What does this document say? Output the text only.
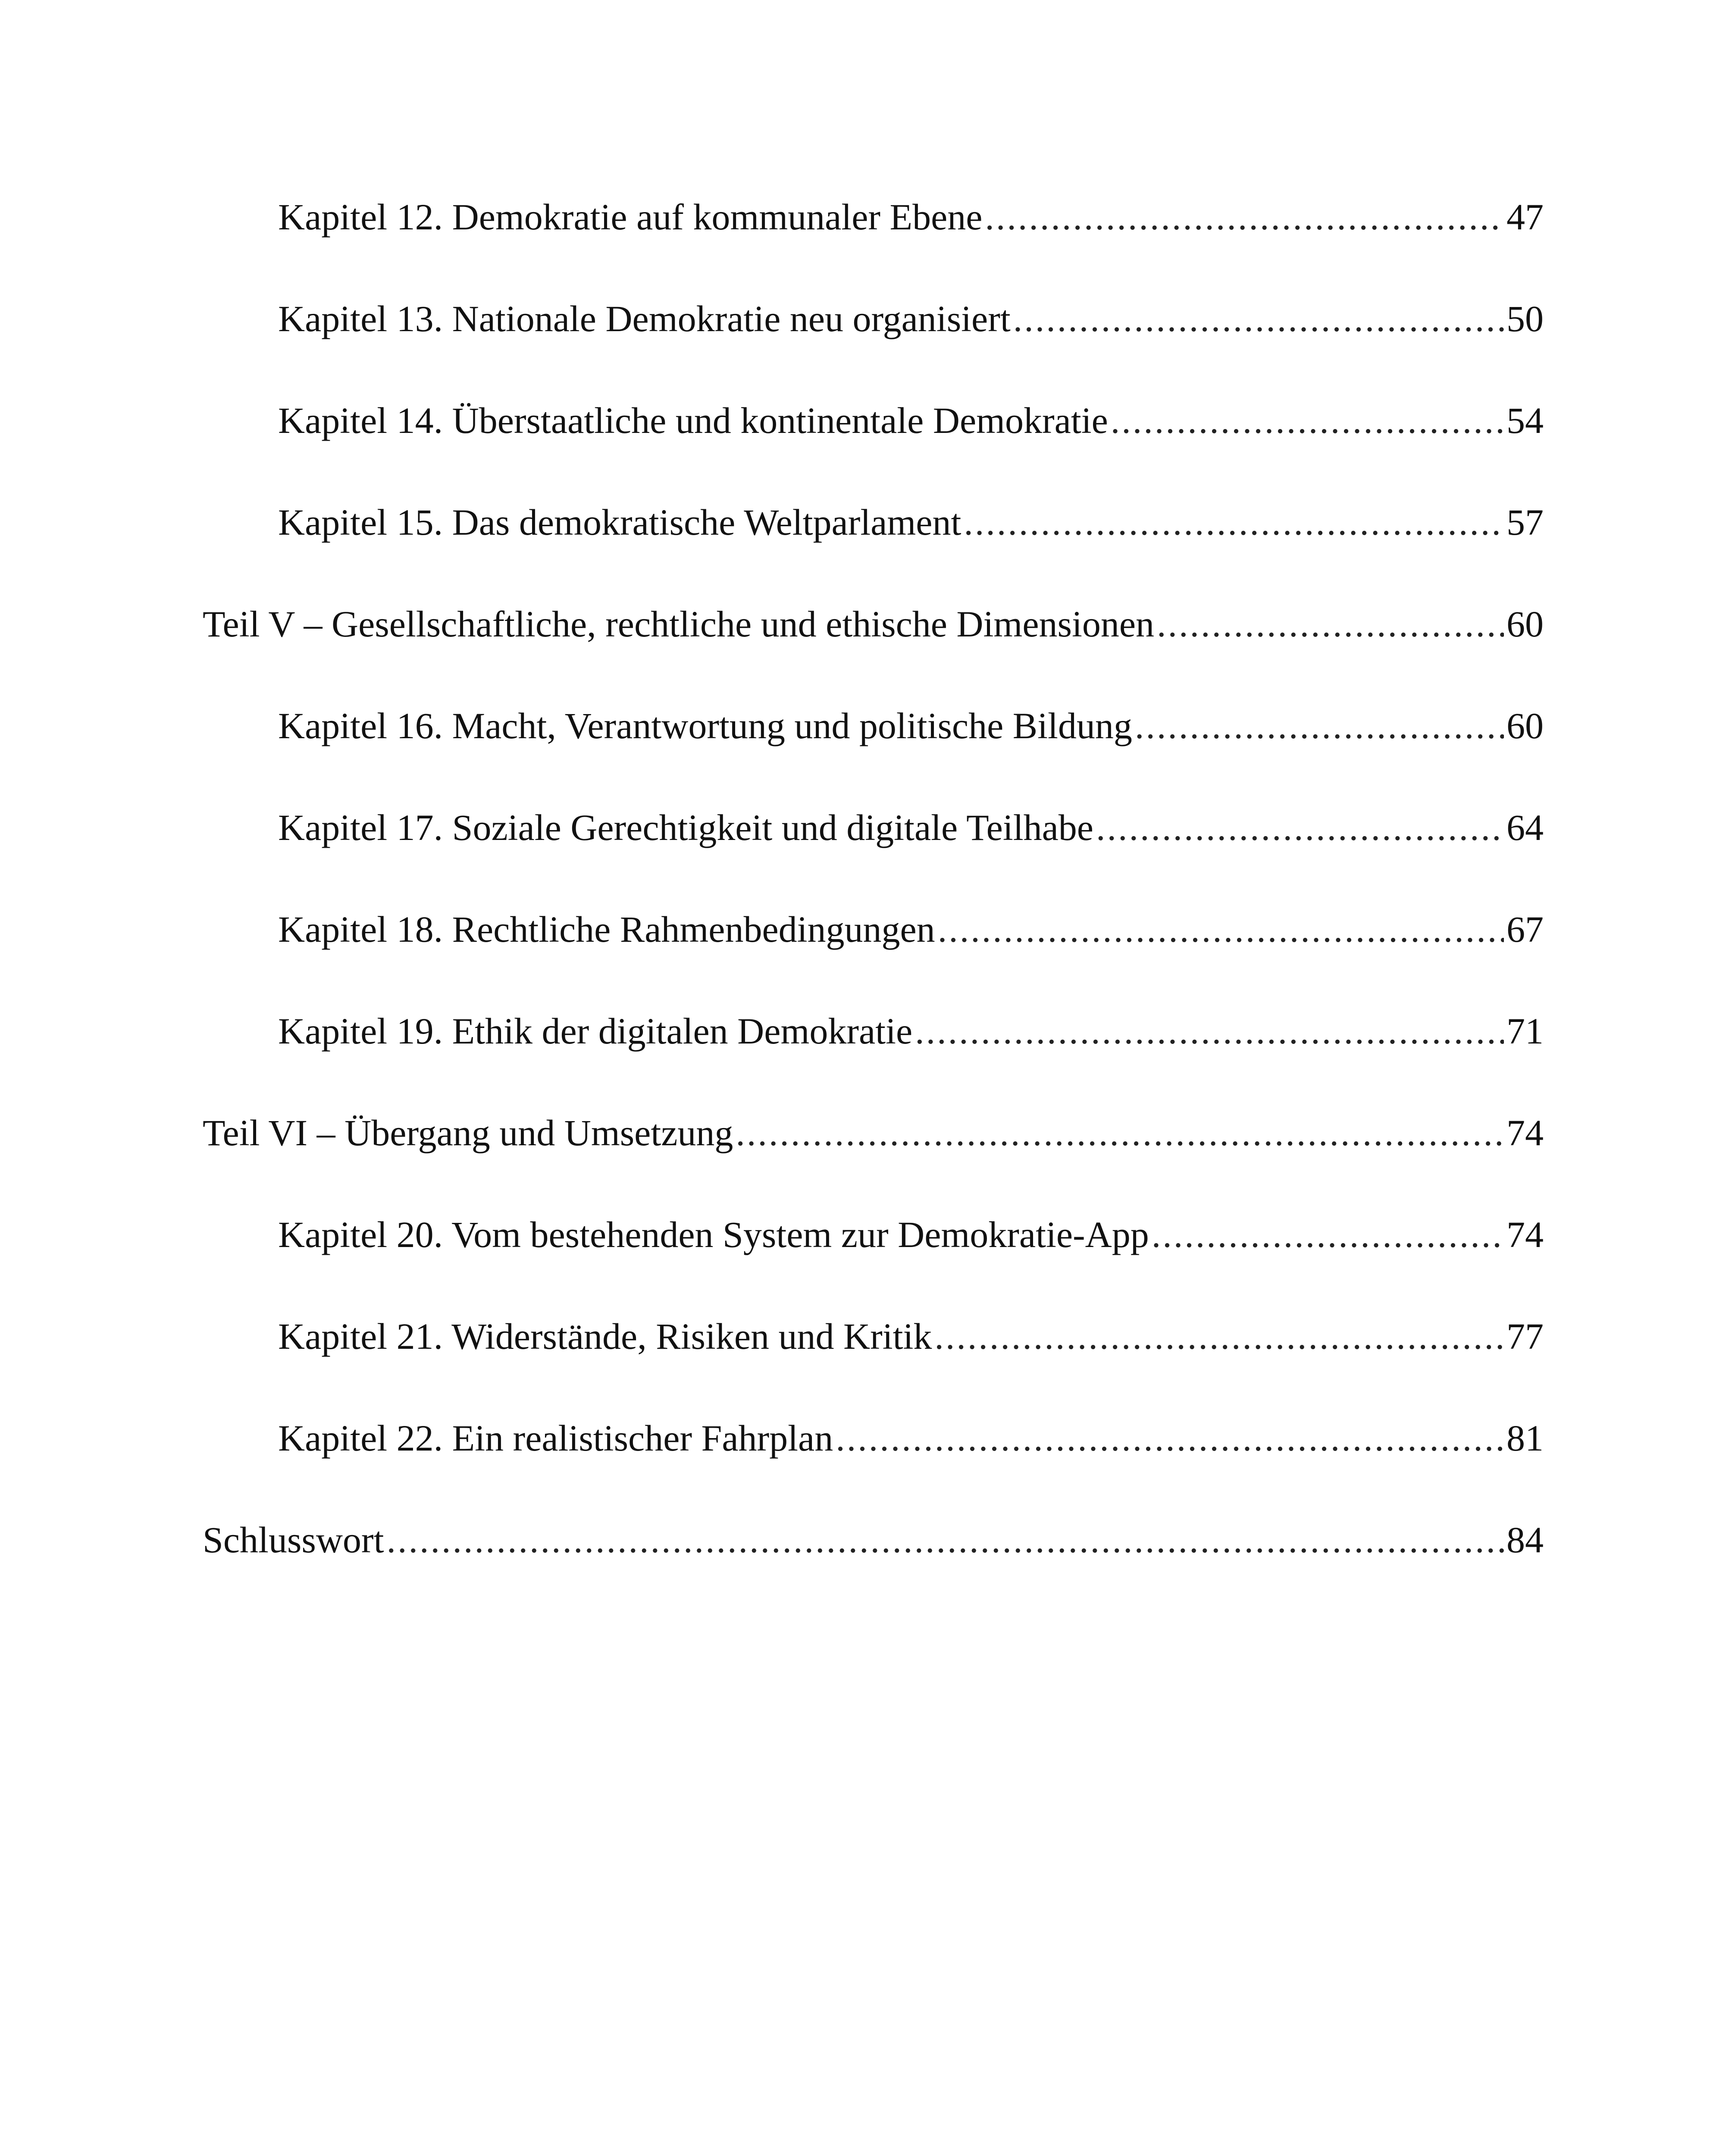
Kapitel 12. Demokratie auf kommunaler Ebene .....	47
Kapitel 13. Nationale Demokratie neu organisiert .....	50
Kapitel 14. Überstaatliche und kontinentale Demokratie .....	54
Kapitel 15. Das demokratische Weltparlament .....	57
Teil V – Gesellschaftliche, rechtliche und ethische Dimensionen .....	60
Kapitel 16. Macht, Verantwortung und politische Bildung .....	60
Kapitel 17. Soziale Gerechtigkeit und digitale Teilhabe .....	64
Kapitel 18. Rechtliche Rahmenbedingungen .....	67
Kapitel 19. Ethik der digitalen Demokratie .....	71
Teil VI – Übergang und Umsetzung .....	74
Kapitel 20. Vom bestehenden System zur Demokratie-App .....	74
Kapitel 21. Widerstände, Risiken und Kritik .....	77
Kapitel 22. Ein realistischer Fahrplan .....	81
Schlusswort .....	84
